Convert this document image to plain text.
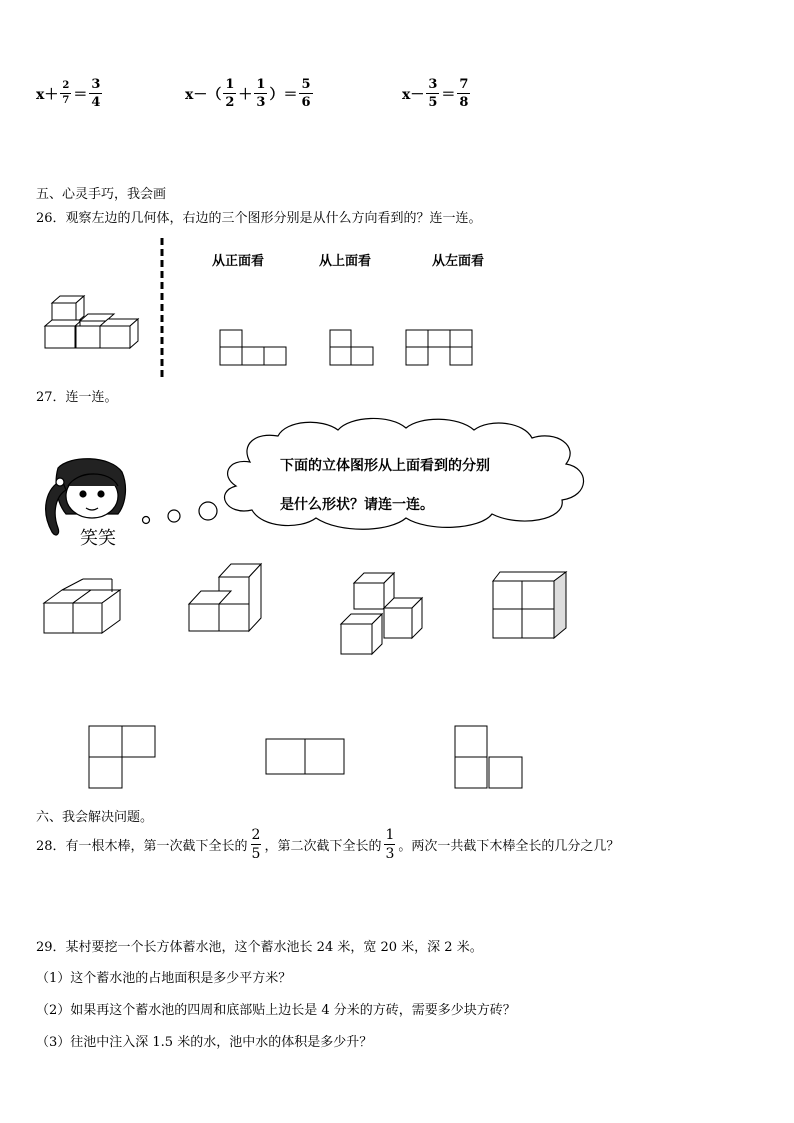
$x+ \frac{2}{7} = \frac{3}{4}$	$x-( \frac{1}{2} + \frac{1}{3}$ ）＝ $\frac{5}{6}$	$x- \frac{3}{5} = \frac{7}{8}$
五、心灵手巧，我会画
26．观察左边的几何体，右边的三个图形分别是从什么方向看到的？连一连。
从正面看	从上面看	从左面看
27．连一连。
下面的立体图形从上面看到的分别
是什么形状？请连一连。
笑笑
六、我会解决问题。
28．有一根木棒，第一次截下全长的 $\frac{2}{5}$ ，第二次截下全长的 $\frac{1}{3}$ 。两次一共截下木棒全长的几分之几？
29．某村要挖一个长方体蓄水池，这个蓄水池长 24 米，宽 20 米，深 2 米。
（1）这个蓄水池的占地面积是多少平方米？
（2）如果再这个蓄水池的四周和底部贴上边长是 4 分米的方砖，需要多少块方砖？
（3）往池中注入深 1.5 米的水，池中水的体积是多少升？
